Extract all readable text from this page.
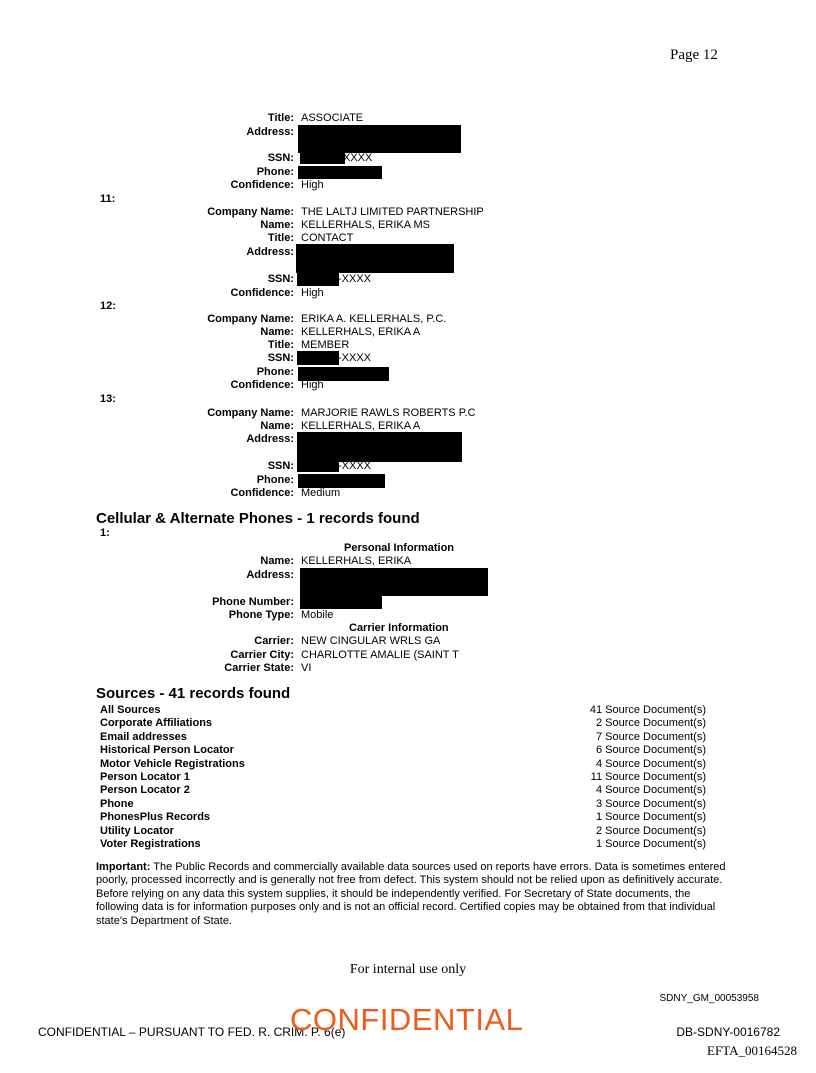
Page 12
Title: ASSOCIATE
Address:
SSN:	XXXX
Phone:
Confidence: High
11:
Company Name: THE LALTJ LIMITED PARTNERSHIP
Name: KELLERHALS, ERIKA MS
Title: CONTACT
Address:
SSN:	-XXXX
Confidence: High
12:
Company Name: ERIKA A. KELLERHALS, P.C.
Name: KELLERHALS, ERIKA A
Title: MEMBER
SSN:	-XXXX
Phone:
Confidence: High
13:
Company Name: MARJORIE RAWLS ROBERTS P.C
Name: KELLERHALS, ERIKA A
Address:
SSN:	-XXXX
Phone:
Confidence: Medium
Cellular & Alternate Phones - 1 records found
1:
Personal Information
Name: KELLERHALS, ERIKA
Address:
Phone Number:
Phone Type: Mobile
Carrier Information
Carrier: NEW CINGULAR WRLS GA
Carrier City: CHARLOTTE AMALIE (SAINT T
Carrier State: VI
Sources - 41 records found
All Sources	41 Source Document(s)
Corporate Affiliations	2 Source Document(s)
Email addresses	7 Source Document(s)
Historical Person Locator	6 Source Document(s)
Motor Vehicle Registrations	4 Source Document(s)
Person Locator 1	11 Source Document(s)
Person Locator 2	4 Source Document(s)
Phone	3 Source Document(s)
PhonesPlus Records	1 Source Document(s)
Utility Locator	2 Source Document(s)
Voter Registrations	1 Source Document(s)
Important: The Public Records and commercially available data sources used on reports have errors. Data is sometimes entered poorly, processed incorrectly and is generally not free from defect. This system should not be relied upon as definitively accurate. Before relying on any data this system supplies, it should be independently verified. For Secretary of State documents, the following data is for information purposes only and is not an official record. Certified copies may be obtained from that individual state's Department of State.
For internal use only
SDNY_GM_00053958
CONFIDENTIAL – PURSUANT TO FED. R. CRIM. P. 6(e)
CONFIDENTIAL	DB-SDNY-0016782
EFTA_00164528
